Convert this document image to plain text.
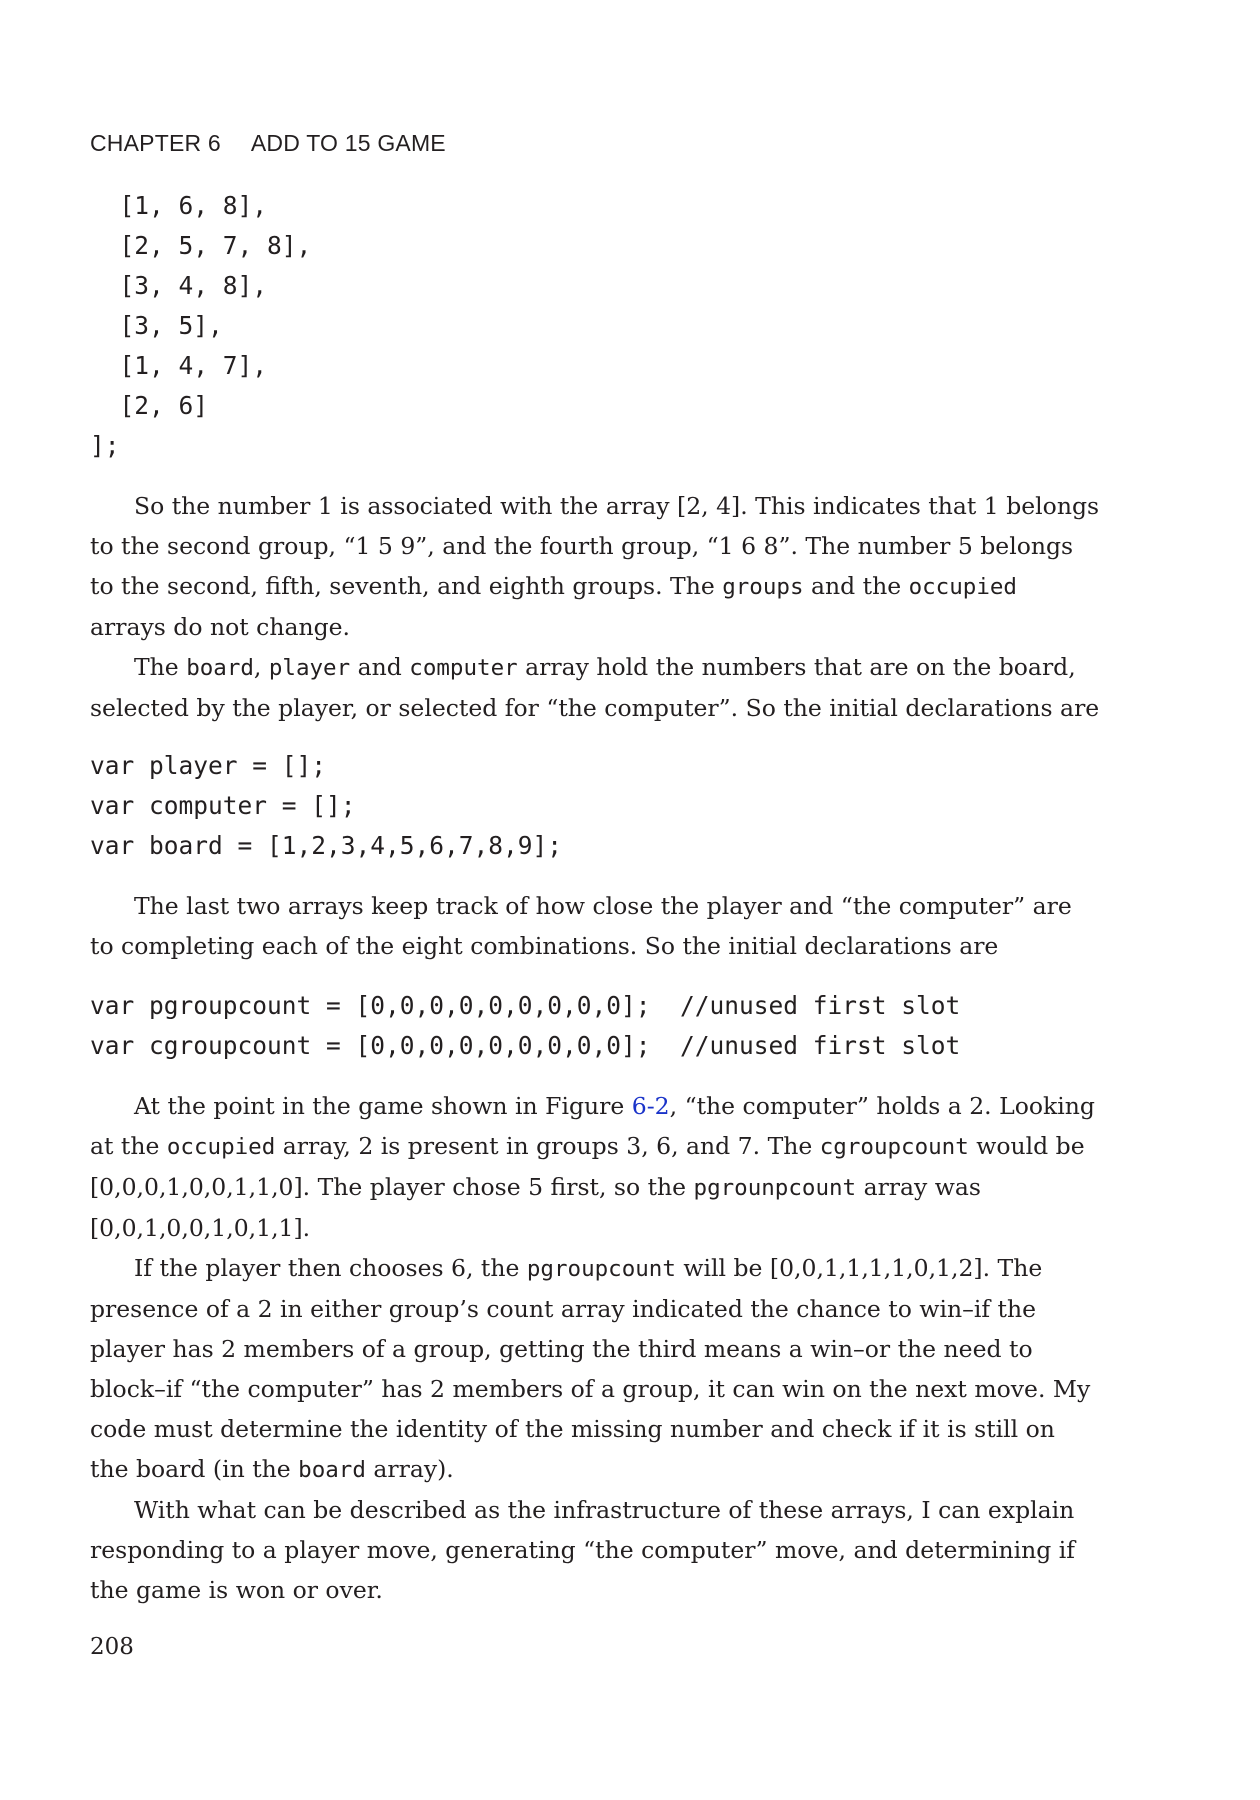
CHAPTER 6 ADD TO 15 GAME
[1, 6, 8],
[2, 5, 7, 8],
[3, 4, 8],
[3, 5],
[1, 4, 7],
[2, 6]
];

So the number 1 is associated with the array [2, 4]. This indicates that 1 belongs to the second group, “1 5 9”, and the fourth group, “1 6 8”. The number 5 belongs to the second, fifth, seventh, and eighth groups. The groups and the occupied arrays do not change.

The board, player and computer array hold the numbers that are on the board, selected by the player, or selected for “the computer”. So the initial declarations are

var player = [];
var computer = [];
var board = [1,2,3,4,5,6,7,8,9];

The last two arrays keep track of how close the player and “the computer” are to completing each of the eight combinations. So the initial declarations are

var pgroupcount = [0,0,0,0,0,0,0,0,0];  //unused first slot
var cgroupcount = [0,0,0,0,0,0,0,0,0];  //unused first slot

At the point in the game shown in Figure 6-2, “the computer” holds a 2. Looking at the occupied array, 2 is present in groups 3, 6, and 7. The cgroupcount would be [0,0,0,1,0,0,1,1,0]. The player chose 5 first, so the pgrounpcount array was [0,0,1,0,0,1,0,1,1].

If the player then chooses 6, the pgroupcount will be [0,0,1,1,1,1,0,1,2]. The presence of a 2 in either group’s count array indicated the chance to win–if the player has 2 members of a group, getting the third means a win–or the need to block–if “the computer” has 2 members of a group, it can win on the next move. My code must determine the identity of the missing number and check if it is still on the board (in the board array).

With what can be described as the infrastructure of these arrays, I can explain responding to a player move, generating “the computer” move, and determining if the game is won or over.

208
